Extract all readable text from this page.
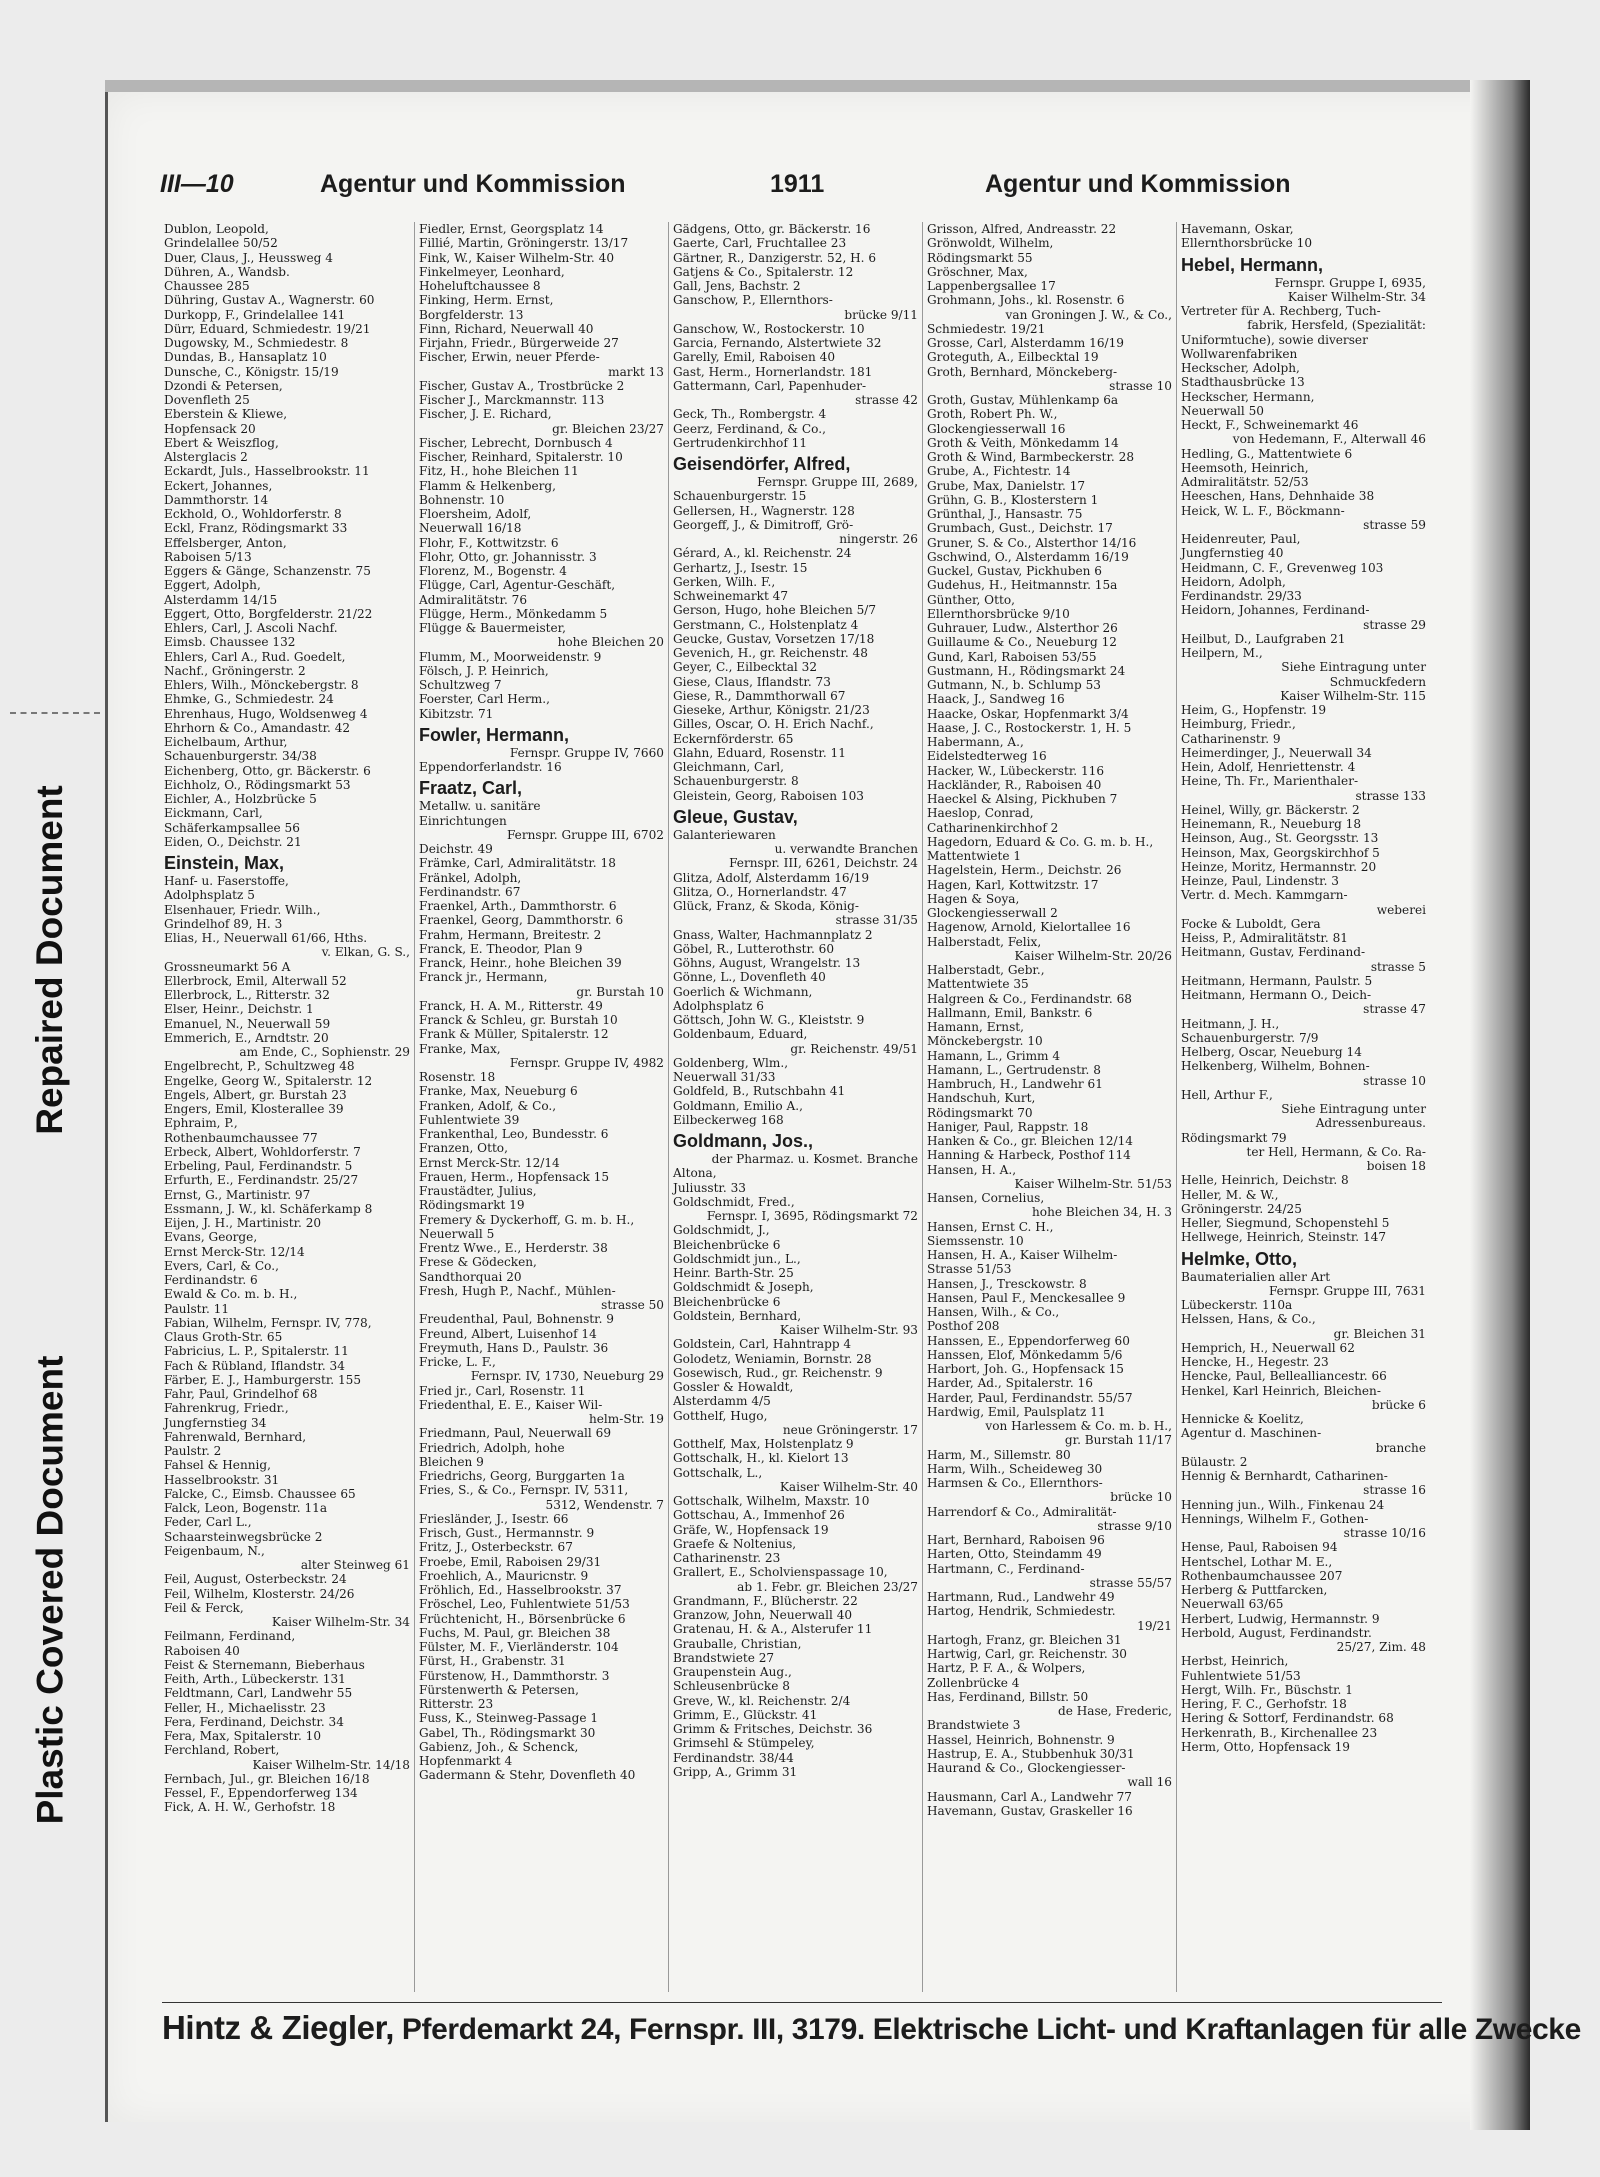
Repaired Document
Plastic Covered Document
III—10	Agentur und Kommission	1911	Agentur und Kommission
Dublon, Leopold,
Grindelallee 50/52
Duer, Claus, J., Heussweg 4
Dühren, A., Wandsb.
Chaussee 285
Dühring, Gustav A., Wagnerstr. 60
Durkopp, F., Grindelallee 141
Dürr, Eduard, Schmiedestr. 19/21
Dugowsky, M., Schmiedestr. 8
Dundas, B., Hansaplatz 10
Dunsche, C., Königstr. 15/19
Dzondi & Petersen,
Dovenfleth 25
Eberstein & Kliewe,
Hopfensack 20
Ebert & Weiszflog,
Alsterglacis 2
Eckardt, Juls., Hasselbrookstr. 11
Eckert, Johannes,
Dammthorstr. 14
Eckhold, O., Wohldorferstr. 8
Eckl, Franz, Rödingsmarkt 33
Effelsberger, Anton,
Raboisen 5/13
Eggers & Gänge, Schanzenstr. 75
Eggert, Adolph,
Alsterdamm 14/15
Eggert, Otto, Borgfelderstr. 21/22
Ehlers, Carl, J. Ascoli Nachf.
Eimsb. Chaussee 132
Ehlers, Carl A., Rud. Goedelt,
Nachf., Gröningerstr. 2
Ehlers, Wilh., Mönckebergstr. 8
Ehmke, G., Schmiedestr. 24
Ehrenhaus, Hugo, Woldsenweg 4
Ehrhorn & Co., Amandastr. 42
Eichelbaum, Arthur,
Schauenburgerstr. 34/38
Eichenberg, Otto, gr. Bäckerstr. 6
Eichholz, O., Rödingsmarkt 53
Eichler, A., Holzbrücke 5
Eickmann, Carl,
Schäferkampsallee 56
Eiden, O., Deichstr. 21
Einstein, Max,
Hanf- u. Faserstoffe,
Adolphsplatz 5
Elsenhauer, Friedr. Wilh.,
Grindelhof 89, H. 3
Elias, H., Neuerwall 61/66, Hths.
v. Elkan, G. S.,
Grossneumarkt 56 A
Ellerbrock, Emil, Alterwall 52
Ellerbrock, L., Ritterstr. 32
Elser, Heinr., Deichstr. 1
Emanuel, N., Neuerwall 59
Emmerich, E., Arndtstr. 20
am Ende, C., Sophienstr. 29
Engelbrecht, P., Schultzweg 48
Engelke, Georg W., Spitalerstr. 12
Engels, Albert, gr. Burstah 23
Engers, Emil, Klosterallee 39
Ephraim, P.,
Rothenbaumchaussee 77
Erbeck, Albert, Wohldorferstr. 7
Erbeling, Paul, Ferdinandstr. 5
Erfurth, E., Ferdinandstr. 25/27
Ernst, G., Martinistr. 97
Essmann, J. W., kl. Schäferkamp 8
Eijen, J. H., Martinistr. 20
Evans, George,
Ernst Merck-Str. 12/14
Evers, Carl, & Co.,
Ferdinandstr. 6
Ewald & Co. m. b. H.,
Paulstr. 11
Fabian, Wilhelm, Fernspr. IV, 778,
Claus Groth-Str. 65
Fabricius, L. P., Spitalerstr. 11
Fach & Rübland, Iflandstr. 34
Färber, E. J., Hamburgerstr. 155
Fahr, Paul, Grindelhof 68
Fahrenkrug, Friedr.,
Jungfernstieg 34
Fahrenwald, Bernhard,
Paulstr. 2
Fahsel & Hennig,
Hasselbrookstr. 31
Falcke, C., Eimsb. Chaussee 65
Falck, Leon, Bogenstr. 11a
Feder, Carl L.,
Schaarsteinwegsbrücke 2
Feigenbaum, N.,
alter Steinweg 61
Feil, August, Osterbeckstr. 24
Feil, Wilhelm, Klosterstr. 24/26
Feil & Ferck,
Kaiser Wilhelm-Str. 34
Feilmann, Ferdinand,
Raboisen 40
Feist & Sternemann, Bieberhaus
Feith, Arth., Lübeckerstr. 131
Feldtmann, Carl, Landwehr 55
Feller, H., Michaelisstr. 23
Fera, Ferdinand, Deichstr. 34
Fera, Max, Spitalerstr. 10
Ferchland, Robert,
Kaiser Wilhelm-Str. 14/18
Fernbach, Jul., gr. Bleichen 16/18
Fessel, F., Eppendorferweg 134
Fick, A. H. W., Gerhofstr. 18
Fiedler, Ernst, Georgsplatz 14
Fillié, Martin, Gröningerstr. 13/17
Fink, W., Kaiser Wilhelm-Str. 40
Finkelmeyer, Leonhard,
Hoheluftchaussee 8
Finking, Herm. Ernst,
Borgfelderstr. 13
Finn, Richard, Neuerwall 40
Firjahn, Friedr., Bürgerweide 27
Fischer, Erwin, neuer Pferde-
markt 13
Fischer, Gustav A., Trostbrücke 2
Fischer J., Marckmannstr. 113
Fischer, J. E. Richard,
gr. Bleichen 23/27
Fischer, Lebrecht, Dornbusch 4
Fischer, Reinhard, Spitalerstr. 10
Fitz, H., hohe Bleichen 11
Flamm & Helkenberg,
Bohnenstr. 10
Floersheim, Adolf,
Neuerwall 16/18
Flohr, F., Kottwitzstr. 6
Flohr, Otto, gr. Johannisstr. 3
Florenz, M., Bogenstr. 4
Flügge, Carl, Agentur-Geschäft,
Admiralitätstr. 76
Flügge, Herm., Mönkedamm 5
Flügge & Bauermeister,
hohe Bleichen 20
Flumm, M., Moorweidenstr. 9
Fölsch, J. P. Heinrich,
Schultzweg 7
Foerster, Carl Herm.,
Kibitzstr. 71
Fowler, Hermann,
Fernspr. Gruppe IV, 7660
Eppendorferlandstr. 16
Fraatz, Carl,
Metallw. u. sanitäre
Einrichtungen
Fernspr. Gruppe III, 6702
Deichstr. 49
Främke, Carl, Admiralitätstr. 18
Fränkel, Adolph,
Ferdinandstr. 67
Fraenkel, Arth., Dammthorstr. 6
Fraenkel, Georg, Dammthorstr. 6
Frahm, Hermann, Breitestr. 2
Franck, E. Theodor, Plan 9
Franck, Heinr., hohe Bleichen 39
Franck jr., Hermann,
gr. Burstah 10
Franck, H. A. M., Ritterstr. 49
Franck & Schleu, gr. Burstah 10
Frank & Müller, Spitalerstr. 12
Franke, Max,
Fernspr. Gruppe IV, 4982
Rosenstr. 18
Franke, Max, Neueburg 6
Franken, Adolf, & Co.,
Fuhlentwiete 39
Frankenthal, Leo, Bundesstr. 6
Franzen, Otto,
Ernst Merck-Str. 12/14
Frauen, Herm., Hopfensack 15
Fraustädter, Julius,
Rödingsmarkt 19
Fremery & Dyckerhoff, G. m. b. H.,
Neuerwall 5
Frentz Wwe., E., Herderstr. 38
Frese & Gödecken,
Sandthorquai 20
Fresh, Hugh P., Nachf., Mühlen-
strasse 50
Freudenthal, Paul, Bohnenstr. 9
Freund, Albert, Luisenhof 14
Freymuth, Hans D., Paulstr. 36
Fricke, L. F.,
Fernspr. IV, 1730, Neueburg 29
Fried jr., Carl, Rosenstr. 11
Friedenthal, E. E., Kaiser Wil-
helm-Str. 19
Friedmann, Paul, Neuerwall 69
Friedrich, Adolph, hohe
Bleichen 9
Friedrichs, Georg, Burggarten 1a
Fries, S., & Co., Fernspr. IV, 5311,
5312, Wendenstr. 7
Friesländer, J., Isestr. 66
Frisch, Gust., Hermannstr. 9
Fritz, J., Osterbeckstr. 67
Froebe, Emil, Raboisen 29/31
Froehlich, A., Mauricnstr. 9
Fröhlich, Ed., Hasselbrookstr. 37
Fröschel, Leo, Fuhlentwiete 51/53
Früchtenicht, H., Börsenbrücke 6
Fuchs, M. Paul, gr. Bleichen 38
Fülster, M. F., Vierländerstr. 104
Fürst, H., Grabenstr. 31
Fürstenow, H., Dammthorstr. 3
Fürstenwerth & Petersen,
Ritterstr. 23
Fuss, K., Steinweg-Passage 1
Gabel, Th., Rödingsmarkt 30
Gabienz, Joh., & Schenck,
Hopfenmarkt 4
Gadermann & Stehr, Dovenfleth 40
Gädgens, Otto, gr. Bäckerstr. 16
Gaerte, Carl, Fruchtallee 23
Gärtner, R., Danzigerstr. 52, H. 6
Gatjens & Co., Spitalerstr. 12
Gall, Jens, Bachstr. 2
Ganschow, P., Ellernthors-
brücke 9/11
Ganschow, W., Rostockerstr. 10
Garcia, Fernando, Alstertwiete 32
Garelly, Emil, Raboisen 40
Gast, Herm., Hornerlandstr. 181
Gattermann, Carl, Papenhuder-
strasse 42
Geck, Th., Rombergstr. 4
Geerz, Ferdinand, & Co.,
Gertrudenkirchhof 11
Geisendörfer, Alfred,
Fernspr. Gruppe III, 2689,
Schauenburgerstr. 15
Gellersen, H., Wagnerstr. 128
Georgeff, J., & Dimitroff, Grö-
ningerstr. 26
Gérard, A., kl. Reichenstr. 24
Gerhartz, J., Isestr. 15
Gerken, Wilh. F.,
Schweinemarkt 47
Gerson, Hugo, hohe Bleichen 5/7
Gerstmann, C., Holstenplatz 4
Geucke, Gustav, Vorsetzen 17/18
Gevenich, H., gr. Reichenstr. 48
Geyer, C., Eilbecktal 32
Giese, Claus, Iflandstr. 73
Giese, R., Dammthorwall 67
Gieseke, Arthur, Königstr. 21/23
Gilles, Oscar, O. H. Erich Nachf.,
Eckernförderstr. 65
Glahn, Eduard, Rosenstr. 11
Gleichmann, Carl,
Schauenburgerstr. 8
Gleistein, Georg, Raboisen 103
Gleue, Gustav,
Galanteriewaren
u. verwandte Branchen
Fernspr. III, 6261, Deichstr. 24
Glitza, Adolf, Alsterdamm 16/19
Glitza, O., Hornerlandstr. 47
Glück, Franz, & Skoda, König-
strasse 31/35
Gnass, Walter, Hachmannplatz 2
Göbel, R., Lutterothstr. 60
Göhns, August, Wrangelstr. 13
Gönne, L., Dovenfleth 40
Goerlich & Wichmann,
Adolphsplatz 6
Göttsch, John W. G., Kleiststr. 9
Goldenbaum, Eduard,
gr. Reichenstr. 49/51
Goldenberg, Wlm.,
Neuerwall 31/33
Goldfeld, B., Rutschbahn 41
Goldmann, Emilio A.,
Eilbeckerweg 168
Goldmann, Jos.,
der Pharmaz. u. Kosmet. Branche
Altona,
Juliusstr. 33
Goldschmidt, Fred.,
Fernspr. I, 3695, Rödingsmarkt 72
Goldschmidt, J.,
Bleichenbrücke 6
Goldschmidt jun., L.,
Heinr. Barth-Str. 25
Goldschmidt & Joseph,
Bleichenbrücke 6
Goldstein, Bernhard,
Kaiser Wilhelm-Str. 93
Goldstein, Carl, Hahntrapp 4
Golodetz, Weniamin, Bornstr. 28
Gosewisch, Rud., gr. Reichenstr. 9
Gossler & Howaldt,
Alsterdamm 4/5
Gotthelf, Hugo,
neue Gröningerstr. 17
Gotthelf, Max, Holstenplatz 9
Gottschalk, H., kl. Kielort 13
Gottschalk, L.,
Kaiser Wilhelm-Str. 40
Gottschalk, Wilhelm, Maxstr. 10
Gottschau, A., Immenhof 26
Gräfe, W., Hopfensack 19
Graefe & Noltenius,
Catharinenstr. 23
Grallert, E., Scholvienspassage 10,
ab 1. Febr. gr. Bleichen 23/27
Grandmann, F., Blücherstr. 22
Granzow, John, Neuerwall 40
Gratenau, H. & A., Alsterufer 11
Grauballe, Christian,
Brandstwiete 27
Graupenstein Aug.,
Schleusenbrücke 8
Greve, W., kl. Reichenstr. 2/4
Grimm, E., Glückstr. 41
Grimm & Fritsches, Deichstr. 36
Grimsehl & Stümpeley,
Ferdinandstr. 38/44
Gripp, A., Grimm 31
Grisson, Alfred, Andreasstr. 22
Grönwoldt, Wilhelm,
Rödingsmarkt 55
Gröschner, Max,
Lappenbergsallee 17
Grohmann, Johs., kl. Rosenstr. 6
van Groningen J. W., & Co.,
Schmiedestr. 19/21
Grosse, Carl, Alsterdamm 16/19
Groteguth, A., Eilbecktal 19
Groth, Bernhard, Mönckeberg-
strasse 10
Groth, Gustav, Mühlenkamp 6a
Groth, Robert Ph. W.,
Glockengiesserwall 16
Groth & Veith, Mönkedamm 14
Groth & Wind, Barmbeckerstr. 28
Grube, A., Fichtestr. 14
Grube, Max, Danielstr. 17
Grühn, G. B., Klosterstern 1
Grünthal, J., Hansastr. 75
Grumbach, Gust., Deichstr. 17
Gruner, S. & Co., Alsterthor 14/16
Gschwind, O., Alsterdamm 16/19
Guckel, Gustav, Pickhuben 6
Gudehus, H., Heitmannstr. 15a
Günther, Otto,
Ellernthorsbrücke 9/10
Guhrauer, Ludw., Alsterthor 26
Guillaume & Co., Neueburg 12
Gund, Karl, Raboisen 53/55
Gustmann, H., Rödingsmarkt 24
Gutmann, N., b. Schlump 53
Haack, J., Sandweg 16
Haacke, Oskar, Hopfenmarkt 3/4
Haase, J. C., Rostockerstr. 1, H. 5
Habermann, A.,
Eidelstedterweg 16
Hacker, W., Lübeckerstr. 116
Hackländer, R., Raboisen 40
Haeckel & Alsing, Pickhuben 7
Haeslop, Conrad,
Catharinenkirchhof 2
Hagedorn, Eduard & Co. G. m. b. H.,
Mattentwiete 1
Hagelstein, Herm., Deichstr. 26
Hagen, Karl, Kottwitzstr. 17
Hagen & Soya,
Glockengiesserwall 2
Hagenow, Arnold, Kielortallee 16
Halberstadt, Felix,
Kaiser Wilhelm-Str. 20/26
Halberstadt, Gebr.,
Mattentwiete 35
Halgreen & Co., Ferdinandstr. 68
Hallmann, Emil, Bankstr. 6
Hamann, Ernst,
Mönckebergstr. 10
Hamann, L., Grimm 4
Hamann, L., Gertrudenstr. 8
Hambruch, H., Landwehr 61
Handschuh, Kurt,
Rödingsmarkt 70
Haniger, Paul, Rappstr. 18
Hanken & Co., gr. Bleichen 12/14
Hanning & Harbeck, Posthof 114
Hansen, H. A.,
Kaiser Wilhelm-Str. 51/53
Hansen, Cornelius,
hohe Bleichen 34, H. 3
Hansen, Ernst C. H.,
Siemssenstr. 10
Hansen, H. A., Kaiser Wilhelm-
Strasse 51/53
Hansen, J., Tresckowstr. 8
Hansen, Paul F., Menckesallee 9
Hansen, Wilh., & Co.,
Posthof 208
Hanssen, E., Eppendorferweg 60
Hanssen, Elof, Mönkedamm 5/6
Harbort, Joh. G., Hopfensack 15
Harder, Ad., Spitalerstr. 16
Harder, Paul, Ferdinandstr. 55/57
Hardwig, Emil, Paulsplatz 11
von Harlessem & Co. m. b. H.,
gr. Burstah 11/17
Harm, M., Sillemstr. 80
Harm, Wilh., Scheideweg 30
Harmsen & Co., Ellernthors-
brücke 10
Harrendorf & Co., Admiralität-
strasse 9/10
Hart, Bernhard, Raboisen 96
Harten, Otto, Steindamm 49
Hartmann, C., Ferdinand-
strasse 55/57
Hartmann, Rud., Landwehr 49
Hartog, Hendrik, Schmiedestr.
19/21
Hartogh, Franz, gr. Bleichen 31
Hartwig, Carl, gr. Reichenstr. 30
Hartz, P. F. A., & Wolpers,
Zollenbrücke 4
Has, Ferdinand, Billstr. 50
de Hase, Frederic,
Brandstwiete 3
Hassel, Heinrich, Bohnenstr. 9
Hastrup, E. A., Stubbenhuk 30/31
Haurand & Co., Glockengiesser-
wall 16
Hausmann, Carl A., Landwehr 77
Havemann, Gustav, Graskeller 16
Havemann, Oskar,
Ellernthorsbrücke 10
Hebel, Hermann,
Fernspr. Gruppe I, 6935,
Kaiser Wilhelm-Str. 34
Vertreter für A. Rechberg, Tuch-
fabrik, Hersfeld, (Spezialität:
Uniformtuche), sowie diverser
Wollwarenfabriken
Heckscher, Adolph,
Stadthausbrücke 13
Heckscher, Hermann,
Neuerwall 50
Heckt, F., Schweinemarkt 46
von Hedemann, F., Alterwall 46
Hedling, G., Mattentwiete 6
Heemsoth, Heinrich,
Admiralitätstr. 52/53
Heeschen, Hans, Dehnhaide 38
Heick, W. L. F., Böckmann-
strasse 59
Heidenreuter, Paul,
Jungfernstieg 40
Heidmann, C. F., Grevenweg 103
Heidorn, Adolph,
Ferdinandstr. 29/33
Heidorn, Johannes, Ferdinand-
strasse 29
Heilbut, D., Laufgraben 21
Heilpern, M.,
Siehe Eintragung unter
Schmuckfedern
Kaiser Wilhelm-Str. 115
Heim, G., Hopfenstr. 19
Heimburg, Friedr.,
Catharinenstr. 9
Heimerdinger, J., Neuerwall 34
Hein, Adolf, Henriettenstr. 4
Heine, Th. Fr., Marienthaler-
strasse 133
Heinel, Willy, gr. Bäckerstr. 2
Heinemann, R., Neueburg 18
Heinson, Aug., St. Georgsstr. 13
Heinson, Max, Georgskirchhof 5
Heinze, Moritz, Hermannstr. 20
Heinze, Paul, Lindenstr. 3
Vertr. d. Mech. Kammgarn-
weberei
Focke & Luboldt, Gera
Heiss, P., Admiralitätstr. 81
Heitmann, Gustav, Ferdinand-
strasse 5
Heitmann, Hermann, Paulstr. 5
Heitmann, Hermann O., Deich-
strasse 47
Heitmann, J. H.,
Schauenburgerstr. 7/9
Helberg, Oscar, Neueburg 14
Helkenberg, Wilhelm, Bohnen-
strasse 10
Hell, Arthur F.,
Siehe Eintragung unter
Adressenbureaus.
Rödingsmarkt 79
ter Hell, Hermann, & Co. Ra-
boisen 18
Helle, Heinrich, Deichstr. 8
Heller, M. & W.,
Gröningerstr. 24/25
Heller, Siegmund, Schopenstehl 5
Hellwege, Heinrich, Steinstr. 147
Helmke, Otto,
Baumaterialien aller Art
Fernspr. Gruppe III, 7631
Lübeckerstr. 110a
Helssen, Hans, & Co.,
gr. Bleichen 31
Hemprich, H., Neuerwall 62
Hencke, H., Hegestr. 23
Hencke, Paul, Bellealliancestr. 66
Henkel, Karl Heinrich, Bleichen-
brücke 6
Hennicke & Koelitz,
Agentur d. Maschinen-
branche
Bülaustr. 2
Hennig & Bernhardt, Catharinen-
strasse 16
Henning jun., Wilh., Finkenau 24
Hennings, Wilhelm F., Gothen-
strasse 10/16
Hense, Paul, Raboisen 94
Hentschel, Lothar M. E.,
Rothenbaumchaussee 207
Herberg & Puttfarcken,
Neuerwall 63/65
Herbert, Ludwig, Hermannstr. 9
Herbold, August, Ferdinandstr.
25/27, Zim. 48
Herbst, Heinrich,
Fuhlentwiete 51/53
Hergt, Wilh. Fr., Büschstr. 1
Hering, F. C., Gerhofstr. 18
Hering & Sottorf, Ferdinandstr. 68
Herkenrath, B., Kirchenallee 23
Herm, Otto, Hopfensack 19
Hintz & Ziegler, Pferdemarkt 24, Fernspr. III, 3179. Elektrische Licht- und Kraftanlagen für alle Zwecke
